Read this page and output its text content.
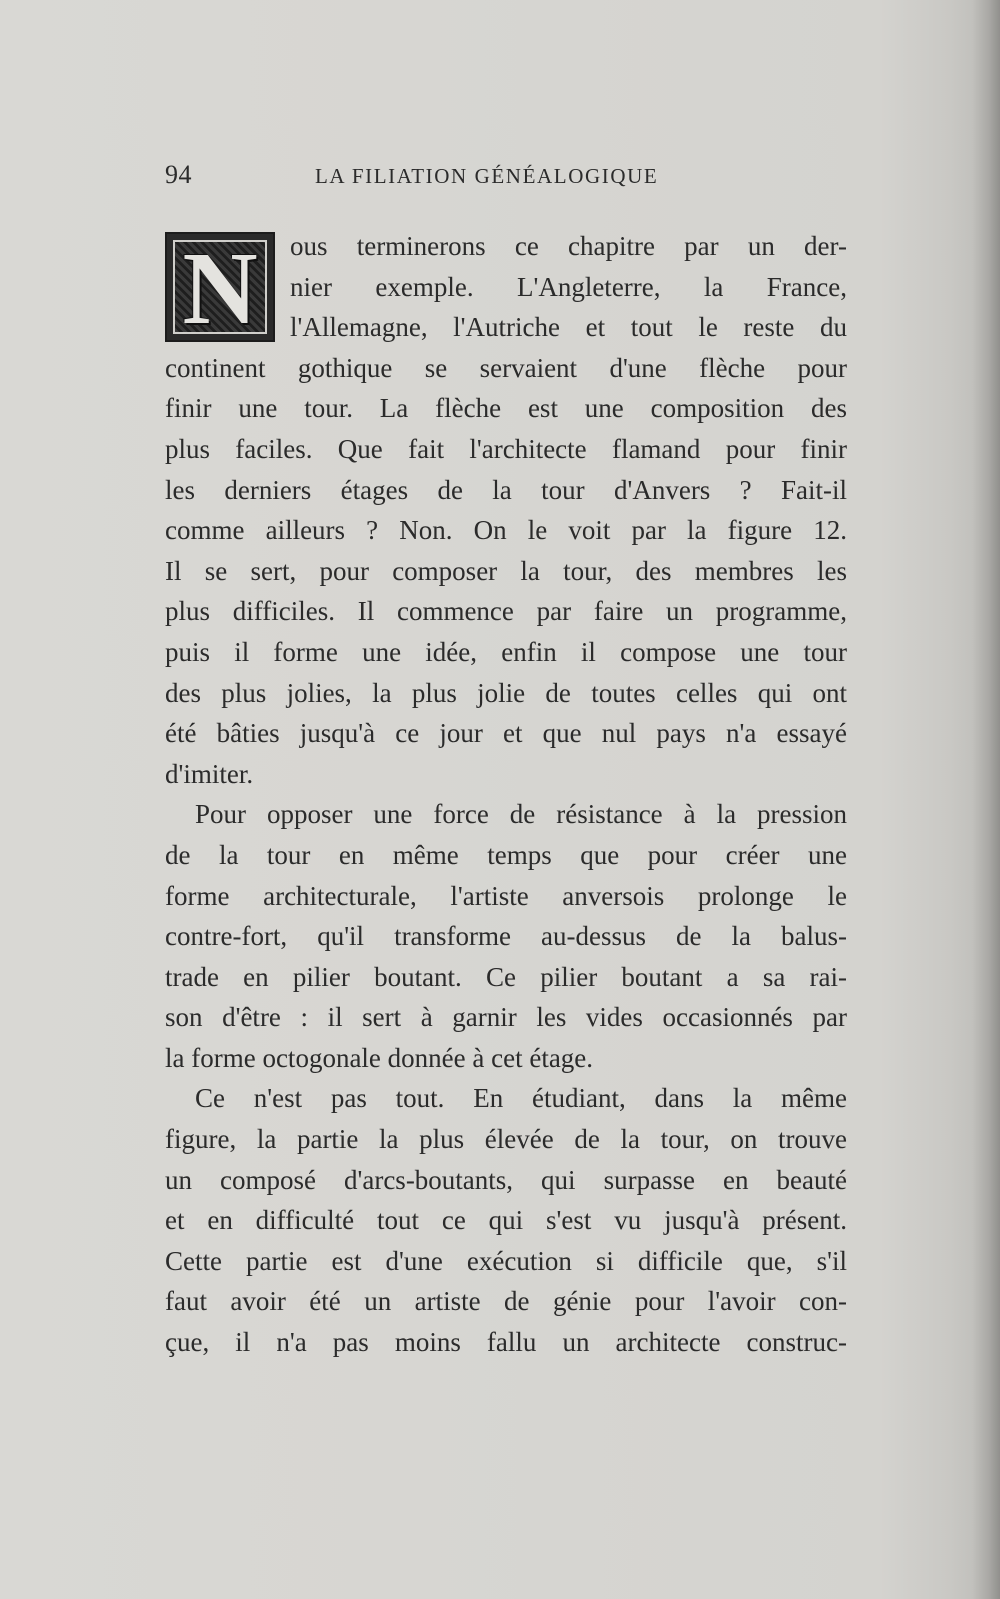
94	LA FILIATION GÉNÉALOGIQUE
N	ous terminerons ce chapitre par un der-
nier exemple. L'Angleterre, la France,
l'Allemagne, l'Autriche et tout le reste du
continent gothique se servaient d'une flèche pour
finir une tour. La flèche est une composition des
plus faciles. Que fait l'architecte flamand pour finir
les derniers étages de la tour d'Anvers ? Fait-il
comme ailleurs ? Non. On le voit par la figure 12.
Il se sert, pour composer la tour, des membres les
plus difficiles. Il commence par faire un programme,
puis il forme une idée, enfin il compose une tour
des plus jolies, la plus jolie de toutes celles qui ont
été bâties jusqu'à ce jour et que nul pays n'a essayé
d'imiter.
Pour opposer une force de résistance à la pression
de la tour en même temps que pour créer une
forme architecturale, l'artiste anversois prolonge le
contre-fort, qu'il transforme au-dessus de la balus-
trade en pilier boutant. Ce pilier boutant a sa rai-
son d'être : il sert à garnir les vides occasionnés par
la forme octogonale donnée à cet étage.
Ce n'est pas tout. En étudiant, dans la même
figure, la partie la plus élevée de la tour, on trouve
un composé d'arcs-boutants, qui surpasse en beauté
et en difficulté tout ce qui s'est vu jusqu'à présent.
Cette partie est d'une exécution si difficile que, s'il
faut avoir été un artiste de génie pour l'avoir con-
çue, il n'a pas moins fallu un architecte construc-
